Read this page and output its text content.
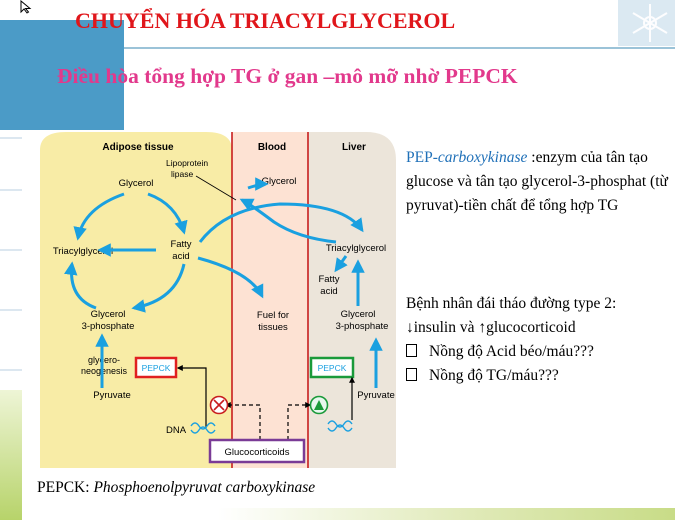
CHUYỂN HÓA TRIACYLGLYCEROL
Điều hòa tổng hợp TG ở gan –mô mỡ nhờ PEPCK
Adipose tissue	Blood	Liver
Glycerol
Lipoprotein
lipase
Triacylglycerol
Fatty
acid
Glycerol
3-phosphate
glycero-
neogenesis
Pyruvate
DNA
PEPCK
Glycerol
Fuel for
tissues
Triacylglycerol
Fatty
acid
Glycerol
3-phosphate
Pyruvate
PEPCK
Glucocorticoids
PEP-carboxykinase :enzym của tân tạo glucose và tân tạo glycerol-3-phosphat (từ pyruvat)-tiền chất để tổng hợp TG
Bệnh nhân đái tháo đường type 2:
↓insulin và ↑glucocorticoid
Nồng độ Acid béo/máu???
Nồng độ TG/máu???
PEPCK: Phosphoenolpyruvat carboxykinase
